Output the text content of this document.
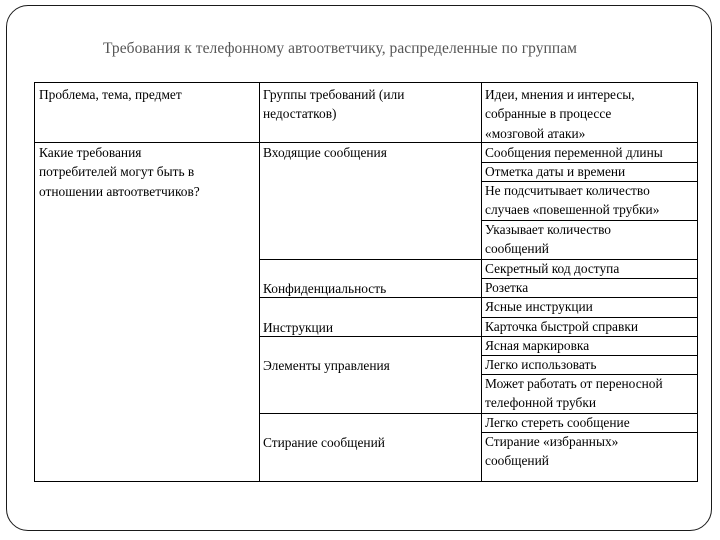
Требования к телефонному автоответчику, распределенные по группам
Проблема, тема, предмет	Группы требований (или
недостатков)
Идеи, мнения и интересы,
собранные в процессе
«мозговой атаки»
Какие требования
потребителей могут быть в
отношении автоответчиков?
Входящие сообщения
Конфиденциальность
Инструкции
Элементы управления
Стирание сообщений
Сообщения переменной длины
Отметка даты и времени
Не подсчитывает количество
случаев «повешенной трубки»
Указывает количество
сообщений
Секретный код доступа
Розетка
Ясные инструкции
Карточка быстрой справки
Ясная маркировка
Легко использовать
Может работать от переносной
телефонной трубки
Легко стереть сообщение
Стирание «избранных»
сообщений
